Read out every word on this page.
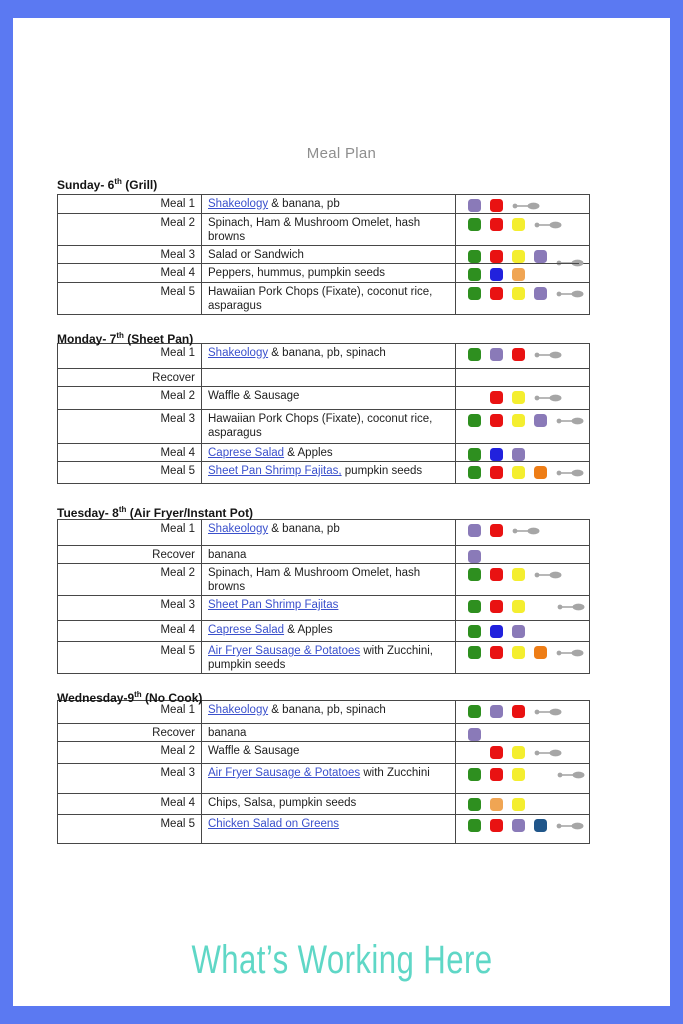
Meal Plan
Sunday- 6th (Grill)
Meal 1	Shakeology & banana, pb	

Meal 2	Spinach, Ham & Mushroom Omelet, hash browns	

Meal 3	Salad or Sandwich	

Meal 4	Peppers, hummus, pumpkin seeds	

Meal 5	Hawaiian Pork Chops (Fixate), coconut rice, asparagus	
Monday- 7th (Sheet Pan)
Meal 1	Shakeology & banana, pb, spinach	

Recover		

Meal 2	Waffle & Sausage	

Meal 3	Hawaiian Pork Chops (Fixate), coconut rice, asparagus	

Meal 4	Caprese Salad & Apples	

Meal 5	Sheet Pan Shrimp Fajitas, pumpkin seeds	
Tuesday- 8th (Air Fryer/Instant Pot)
Meal 1	Shakeology & banana, pb	

Recover	banana	

Meal 2	Spinach, Ham & Mushroom Omelet, hash browns	

Meal 3	Sheet Pan Shrimp Fajitas	

Meal 4	Caprese Salad & Apples	

Meal 5	Air Fryer Sausage & Potatoes with Zucchini, pumpkin seeds	
Wednesday-9th (No Cook)
Meal 1	Shakeology & banana, pb, spinach	

Recover	banana	

Meal 2	Waffle & Sausage	

Meal 3	Air Fryer Sausage & Potatoes with Zucchini	

Meal 4	Chips, Salsa, pumpkin seeds	

Meal 5	Chicken Salad on Greens	
What’s Working Here
